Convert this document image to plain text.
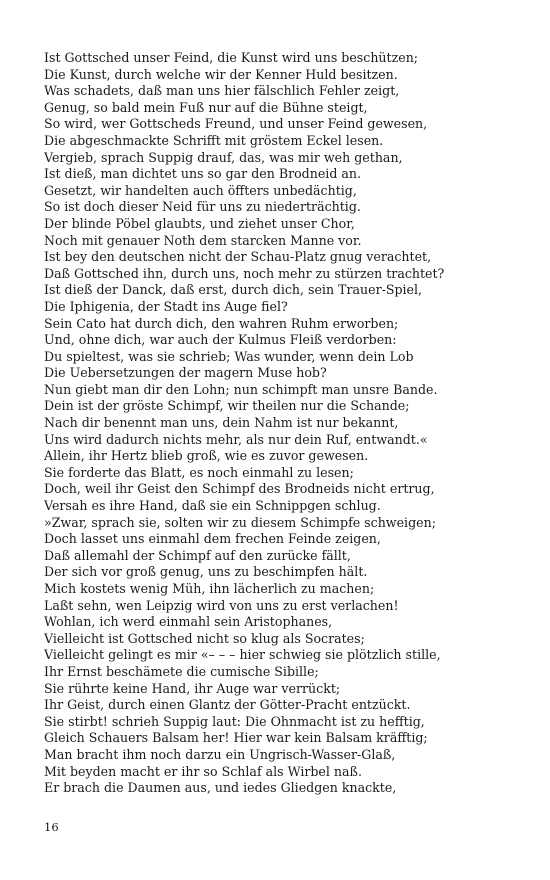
Ist Gottsched unser Feind, die Kunst wird uns beschützen;
Die Kunst, durch welche wir der Kenner Huld besitzen.
Was schadets, daß man uns hier fälschlich Fehler zeigt,
Genug, so bald mein Fuß nur auf die Bühne steigt,
So wird, wer Gottscheds Freund, und unser Feind gewesen,
Die abgeschmackte Schrifft mit gröstem Eckel lesen.
Vergieb, sprach Suppig drauf, das, was mir weh gethan,
Ist dieß, man dichtet uns so gar den Brodneid an.
Gesetzt, wir handelten auch öffters unbedächtig,
So ist doch dieser Neid für uns zu niederträchtig.
Der blinde Pöbel glaubts, und ziehet unser Chor,
Noch mit genauer Noth dem starcken Manne vor.
Ist bey den deutschen nicht der Schau-Platz gnug verachtet,
Daß Gottsched ihn, durch uns, noch mehr zu stürzen trachtet?
Ist dieß der Danck, daß erst, durch dich, sein Trauer-Spiel,
Die Iphigenia, der Stadt ins Auge fiel?
Sein Cato hat durch dich, den wahren Ruhm erworben;
Und, ohne dich, war auch der Kulmus Fleiß verdorben:
Du spieltest, was sie schrieb; Was wunder, wenn dein Lob
Die Uebersetzungen der magern Muse hob?
Nun giebt man dir den Lohn; nun schimpft man unsre Bande.
Dein ist der gröste Schimpf, wir theilen nur die Schande;
Nach dir benennt man uns, dein Nahm ist nur bekannt,
Uns wird dadurch nichts mehr, als nur dein Ruf, entwandt.«
Allein, ihr Hertz blieb groß, wie es zuvor gewesen.
Sie forderte das Blatt, es noch einmahl zu lesen;
Doch, weil ihr Geist den Schimpf des Brodneids nicht ertrug,
Versah es ihre Hand, daß sie ein Schnippgen schlug.
»Zwar, sprach sie, solten wir zu diesem Schimpfe schweigen;
Doch lasset uns einmahl dem frechen Feinde zeigen,
Daß allemahl der Schimpf auf den zurücke fällt,
Der sich vor groß genug, uns zu beschimpfen hält.
Mich kostets wenig Müh, ihn lächerlich zu machen;
Laßt sehn, wen Leipzig wird von uns zu erst verlachen!
Wohlan, ich werd einmahl sein Aristophanes,
Vielleicht ist Gottsched nicht so klug als Socrates;
Vielleicht gelingt es mir «– – – hier schwieg sie plötzlich stille,
Ihr Ernst beschämete die cumische Sibille;
Sie rührte keine Hand, ihr Auge war verrückt;
Ihr Geist, durch einen Glantz der Götter-Pracht entzückt.
Sie stirbt! schrieh Suppig laut: Die Ohnmacht ist zu hefftig,
Gleich Schauers Balsam her! Hier war kein Balsam kräfftig;
Man bracht ihm noch darzu ein Ungrisch-Wasser-Glaß,
Mit beyden macht er ihr so Schlaf als Wirbel naß.
Er brach die Daumen aus, und iedes Gliedgen knackte,
16
